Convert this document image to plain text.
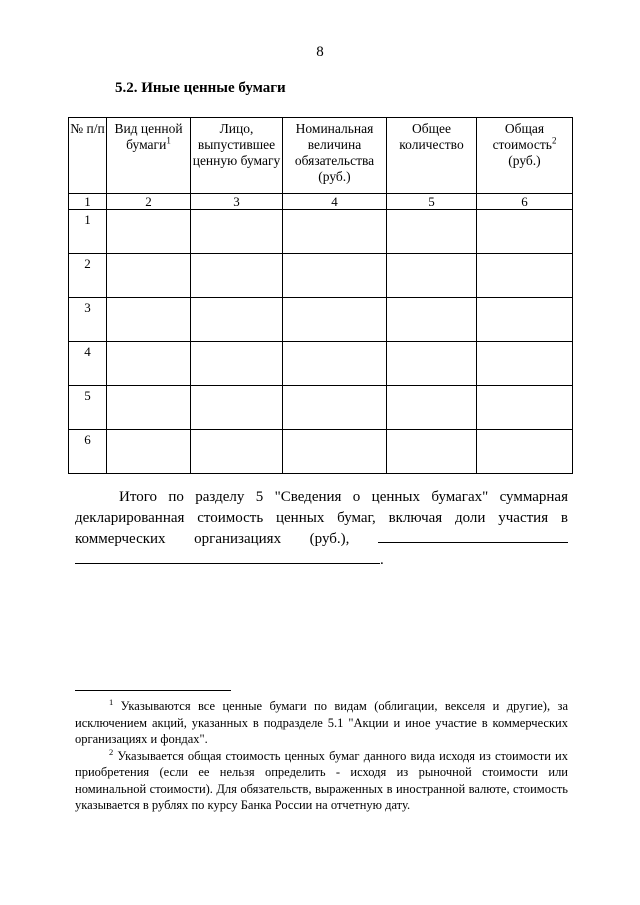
8
5.2. Иные ценные бумаги
№ п/п	Вид ценной бумаги$^1$	Лицо, выпустившее ценную бумагу	Номинальная величина обязательства (руб.)	Общее количество	Общая стоимость$^2$
(руб.)
1	2	3	4	5	6
1					
2					
3					
4					
5					
6					

Итого по разделу 5 "Сведения о ценных бумагах" суммарная декларированная стоимость ценных бумаг, включая доли участия в коммерческих организациях (руб.),  .

$^1$ Указываются все ценные бумаги по видам (облигации, векселя и другие), за исключением акций, указанных в подразделе 5.1 "Акции и иное участие в коммерческих организациях и фондах".

$^2$ Указывается общая стоимость ценных бумаг данного вида исходя из стоимости их приобретения (если ее нельзя определить - исходя из рыночной стоимости или номинальной стоимости). Для обязательств, выраженных в иностранной валюте, стоимость указывается в рублях по курсу Банка России на отчетную дату.
